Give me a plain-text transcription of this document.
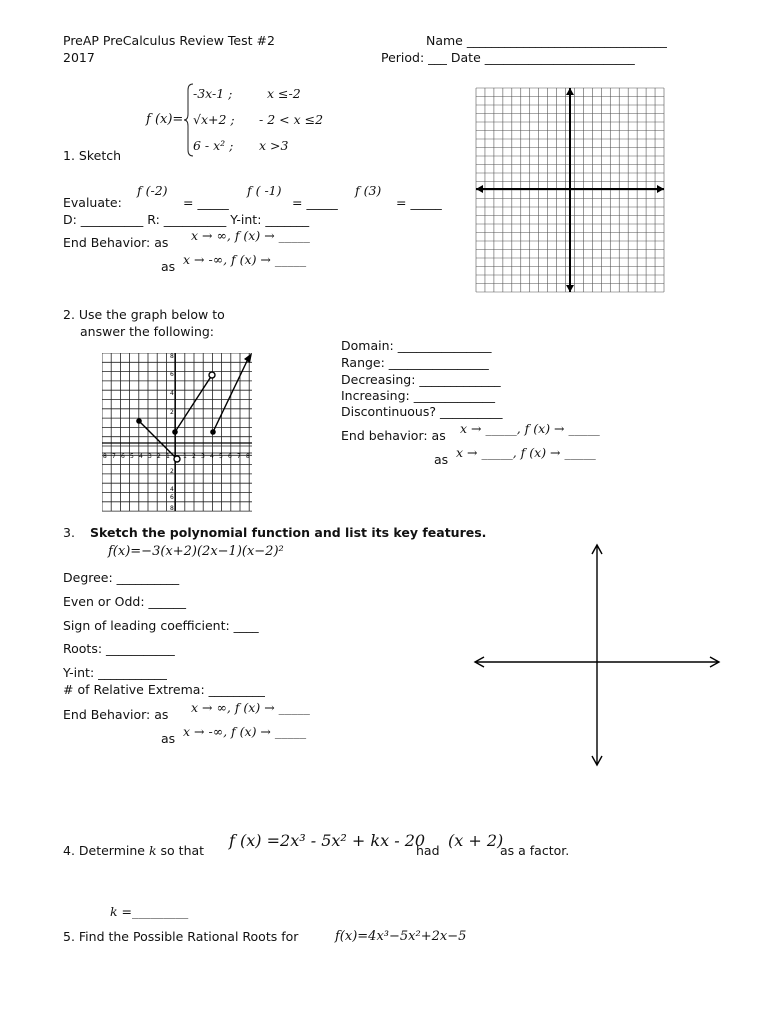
PreAP PreCalculus Review Test #2
2017
Name ________________________________
Period: ___ Date ________________________
f (x)=
-3x-1 ;	x ≤-2
√x+2 ; - 2 < x ≤2
6 - x² ; x >3
1. Sketch
Evaluate:
f (-2)
= _____
f ( -1)
= _____
f (3)
= _____
D: __________ R: __________ Y-int: _______
End Behavior: as x → ∞, f (x) → _____
as x → -∞, f (x) → _____
2. Use the graph below to
answer the following:
8 7 6 5 4 3 2 1 1 2 3 4 5 6 7 8
8
6
4
2
2
4
6
8
Domain: _______________
Range: ________________
Decreasing: _____________
Increasing: _____________
Discontinuous? __________
End behavior: as x → _____, f (x) → _____
as x → _____, f (x) → _____
3. Sketch the polynomial function and list its key features.
f(x)=−3(x+2)(2x−1)(x−2)²
Degree: __________
Even or Odd: ______
Sign of leading coefficient: ____
Roots: ___________
Y-int: ___________
# of Relative Extrema: _________
End Behavior: as x → ∞, f (x) → _____
as x → -∞, f (x) → _____
4. Determine k so that
f (x) =2x³ - 5x² + kx - 20
had
(x + 2)
as a factor.
k =_________
5. Find the Possible Rational Roots for	f(x)=4x³−5x²+2x−5
